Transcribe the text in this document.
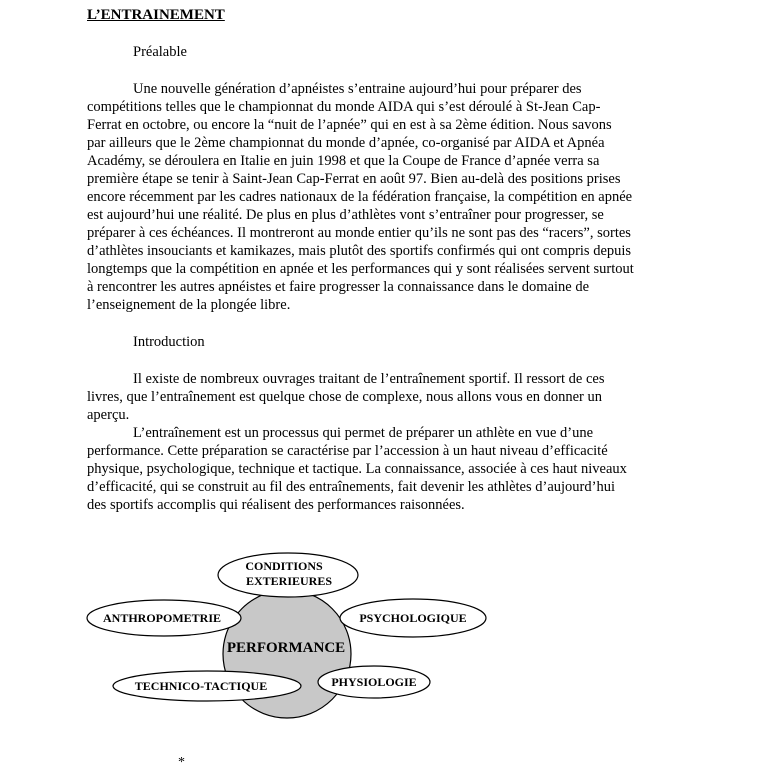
L’ENTRAINEMENT
Préalable
Une nouvelle génération d’apnéistes s’entraine aujourd’hui pour préparer des
compétitions telles que le championnat du monde AIDA qui s’est déroulé à St-Jean Cap-
Ferrat en octobre, ou encore la “nuit de l’apnée” qui en est à sa 2ème édition. Nous savons
par ailleurs que le 2ème championnat du monde d’apnée, co-organisé par AIDA et Apnéa
Académy, se déroulera en Italie en juin 1998 et que la Coupe de France d’apnée verra sa
première étape se tenir à Saint-Jean Cap-Ferrat en août 97. Bien au-delà des positions prises
encore récemment par les cadres nationaux de la fédération française, la compétition en apnée
est aujourd’hui une réalité. De plus en plus d’athlètes vont s’entraîner pour progresser, se
préparer à ces échéances. Il montreront au monde entier qu’ils ne sont pas des “racers”, sortes
d’athlètes insouciants et kamikazes, mais plutôt des sportifs confirmés qui ont compris depuis
longtemps que la compétition en apnée et les performances qui y sont réalisées servent surtout
à rencontrer les autres apnéistes et faire progresser la connaissance dans le domaine de
l’enseignement de la plongée libre.
Introduction
Il existe de nombreux ouvrages traitant de l’entraînement sportif. Il ressort de ces
livres, que l’entraînement est quelque chose de complexe, nous allons vous en donner un
aperçu.
L’entraînement est un processus qui permet de préparer un athlète en vue d’une
performance. Cette préparation se caractérise par l’accession à un haut niveau d’efficacité
physique, psychologique, technique et tactique. La connaissance, associée à ces haut niveaux
d’efficacité, qui se construit au fil des entraînements, fait devenir les athlètes d’aujourd’hui
des sportifs accomplis qui réalisent des performances raisonnées.
PERFORMANCE
CONDITIONS
EXTERIEURES
ANTHROPOMETRIE	PSYCHOLOGIQUE
TECHNICO-TACTIQUE	PHYSIOLOGIE
*
